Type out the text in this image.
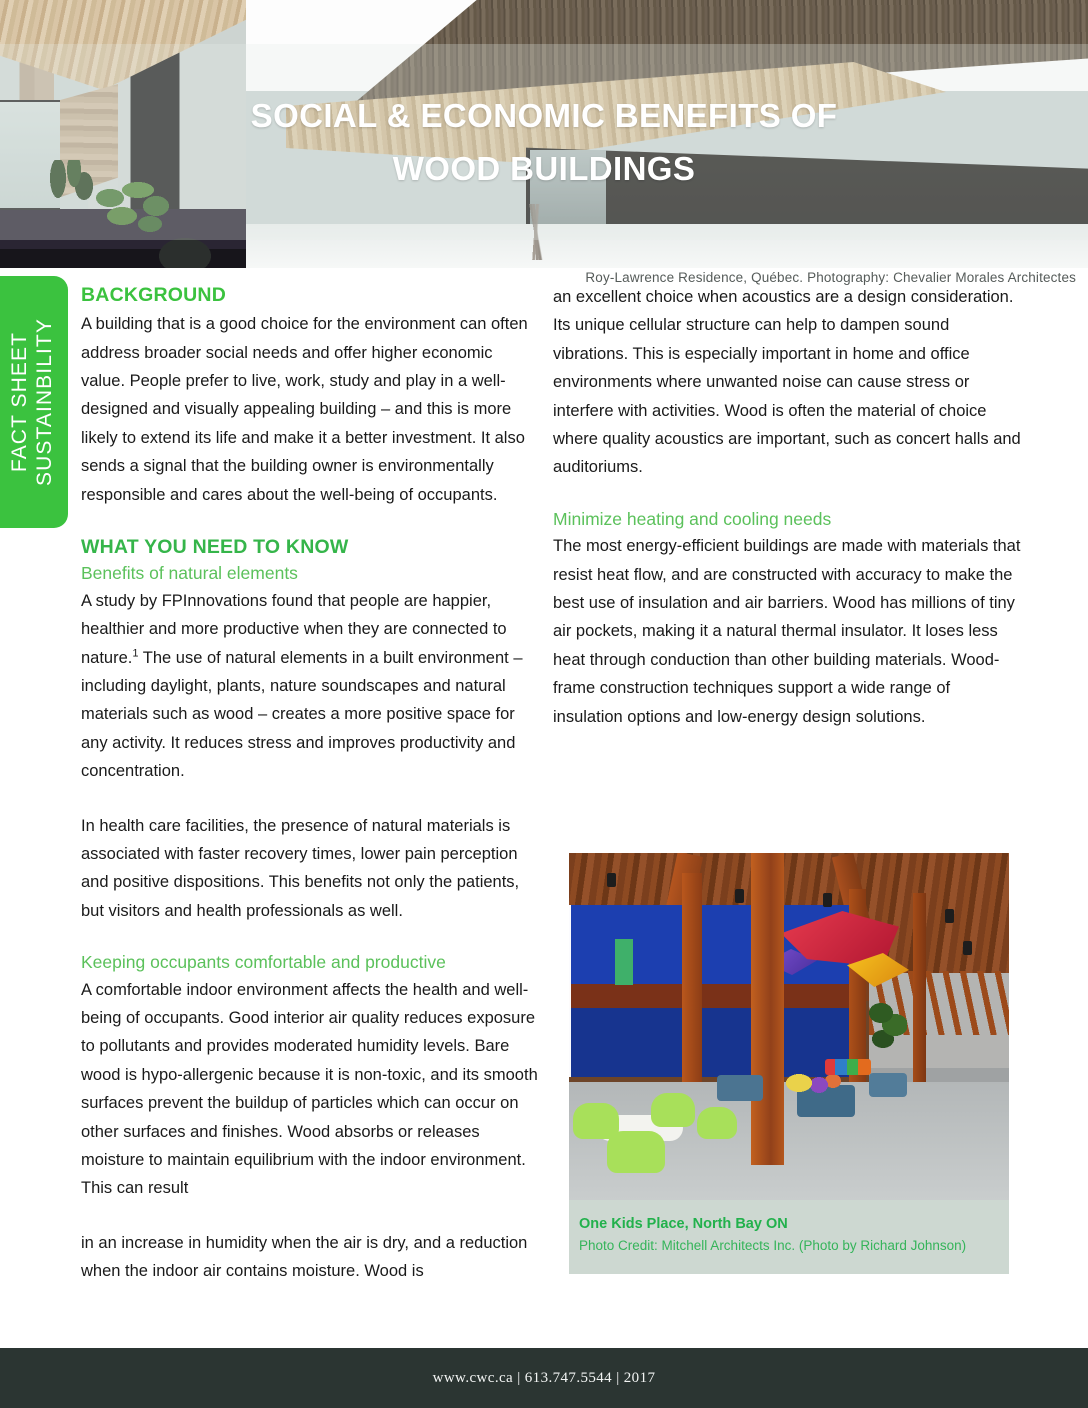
SOCIAL & ECONOMIC BENEFITS OF
WOOD BUILDINGS
Roy-Lawrence Residence, Québec. Photography: Chevalier Morales Architectes
FACT SHEET SUSTAINBILITY
BACKGROUND

A building that is a good choice for the environment can often address broader social needs and offer higher economic value. People prefer to live, work, study and play in a well-designed and visually appealing building – and this is more likely to extend its life and make it a better investment. It also sends a signal that the building owner is environmentally responsible and cares about the well-being of occupants.

WHAT YOU NEED TO KNOW
Benefits of natural elements

A study by FPInnovations found that people are happier, healthier and more productive when they are connected to nature.$^1$ The use of natural elements in a built environment – including daylight, plants, nature soundscapes and natural materials such as wood – creates a more positive space for any activity. It reduces stress and improves productivity and concentration.

In health care facilities, the presence of natural materials is associated with faster recovery times, lower pain perception and positive dispositions. This benefits not only the patients, but visitors and health professionals as well.

Keeping occupants comfortable and productive

A comfortable indoor environment affects the health and well-being of occupants. Good interior air quality reduces exposure to pollutants and provides moderated humidity levels. Bare wood is hypo-allergenic because it is non-toxic, and its smooth surfaces prevent the buildup of particles which can occur on other surfaces and finishes. Wood absorbs or releases moisture to maintain equilibrium with the indoor environment. This can result

in an increase in humidity when the air is dry, and a reduction when the indoor air contains moisture. Wood is

an excellent choice when acoustics are a design consideration. Its unique cellular structure can help to dampen sound vibrations. This is especially important in home and office environments where unwanted noise can cause stress or interfere with activities. Wood is often the material of choice where quality acoustics are important, such as concert halls and auditoriums.

Minimize heating and cooling needs

The most energy-efficient buildings are made with materials that resist heat flow, and are constructed with accuracy to make the best use of insulation and air barriers. Wood has millions of tiny air pockets, making it a natural thermal insulator. It loses less heat through conduction than other building materials. Wood-frame construction techniques support a wide range of insulation options and low-energy design solutions.

One Kids Place, North Bay ON
Photo Credit: Mitchell Architects Inc. (Photo by Richard Johnson)
www.cwc.ca | 613.747.5544 | 2017
